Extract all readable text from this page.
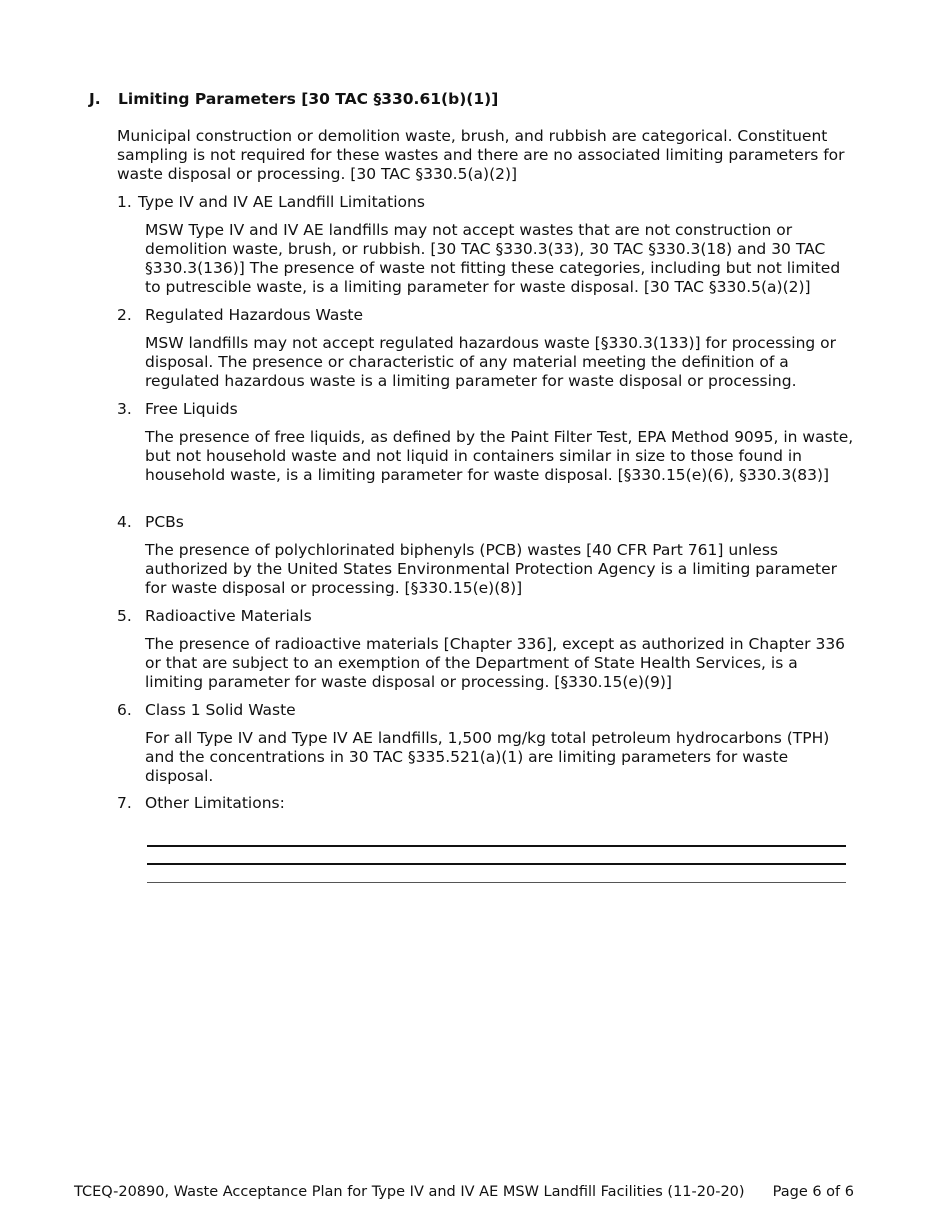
J. Limiting Parameters [30 TAC §330.61(b)(1)]

Municipal construction or demolition waste, brush, and rubbish are categorical. Constituent sampling is not required for these wastes and there are no associated limiting parameters for waste disposal or processing. [30 TAC §330.5(a)(2)]

1. Type IV and IV AE Landfill Limitations

MSW Type IV and IV AE landfills may not accept wastes that are not construction or demolition waste, brush, or rubbish. [30 TAC §330.3(33), 30 TAC §330.3(18) and 30 TAC §330.3(136)] The presence of waste not fitting these categories, including but not limited to putrescible waste, is a limiting parameter for waste disposal. [30 TAC §330.5(a)(2)]

2. Regulated Hazardous Waste

MSW landfills may not accept regulated hazardous waste [§330.3(133)] for processing or disposal. The presence or characteristic of any material meeting the definition of a regulated hazardous waste is a limiting parameter for waste disposal or processing.

3. Free Liquids

The presence of free liquids, as defined by the Paint Filter Test, EPA Method 9095, in waste, but not household waste and not liquid in containers similar in size to those found in household waste, is a limiting parameter for waste disposal. [§330.15(e)(6), §330.3(83)]

4. PCBs

The presence of polychlorinated biphenyls (PCB) wastes [40 CFR Part 761] unless authorized by the United States Environmental Protection Agency is a limiting parameter for waste disposal or processing. [§330.15(e)(8)]

5. Radioactive Materials

The presence of radioactive materials [Chapter 336], except as authorized in Chapter 336 or that are subject to an exemption of the Department of State Health Services, is a limiting parameter for waste disposal or processing. [§330.15(e)(9)]

6. Class 1 Solid Waste

For all Type IV and Type IV AE landfills, 1,500 mg/kg total petroleum hydrocarbons (TPH) and the concentrations in 30 TAC §335.521(a)(1) are limiting parameters for waste disposal.

7. Other Limitations:
TCEQ-20890, Waste Acceptance Plan for Type IV and IV AE MSW Landfill Facilities (11-20-20) Page 6 of 6
